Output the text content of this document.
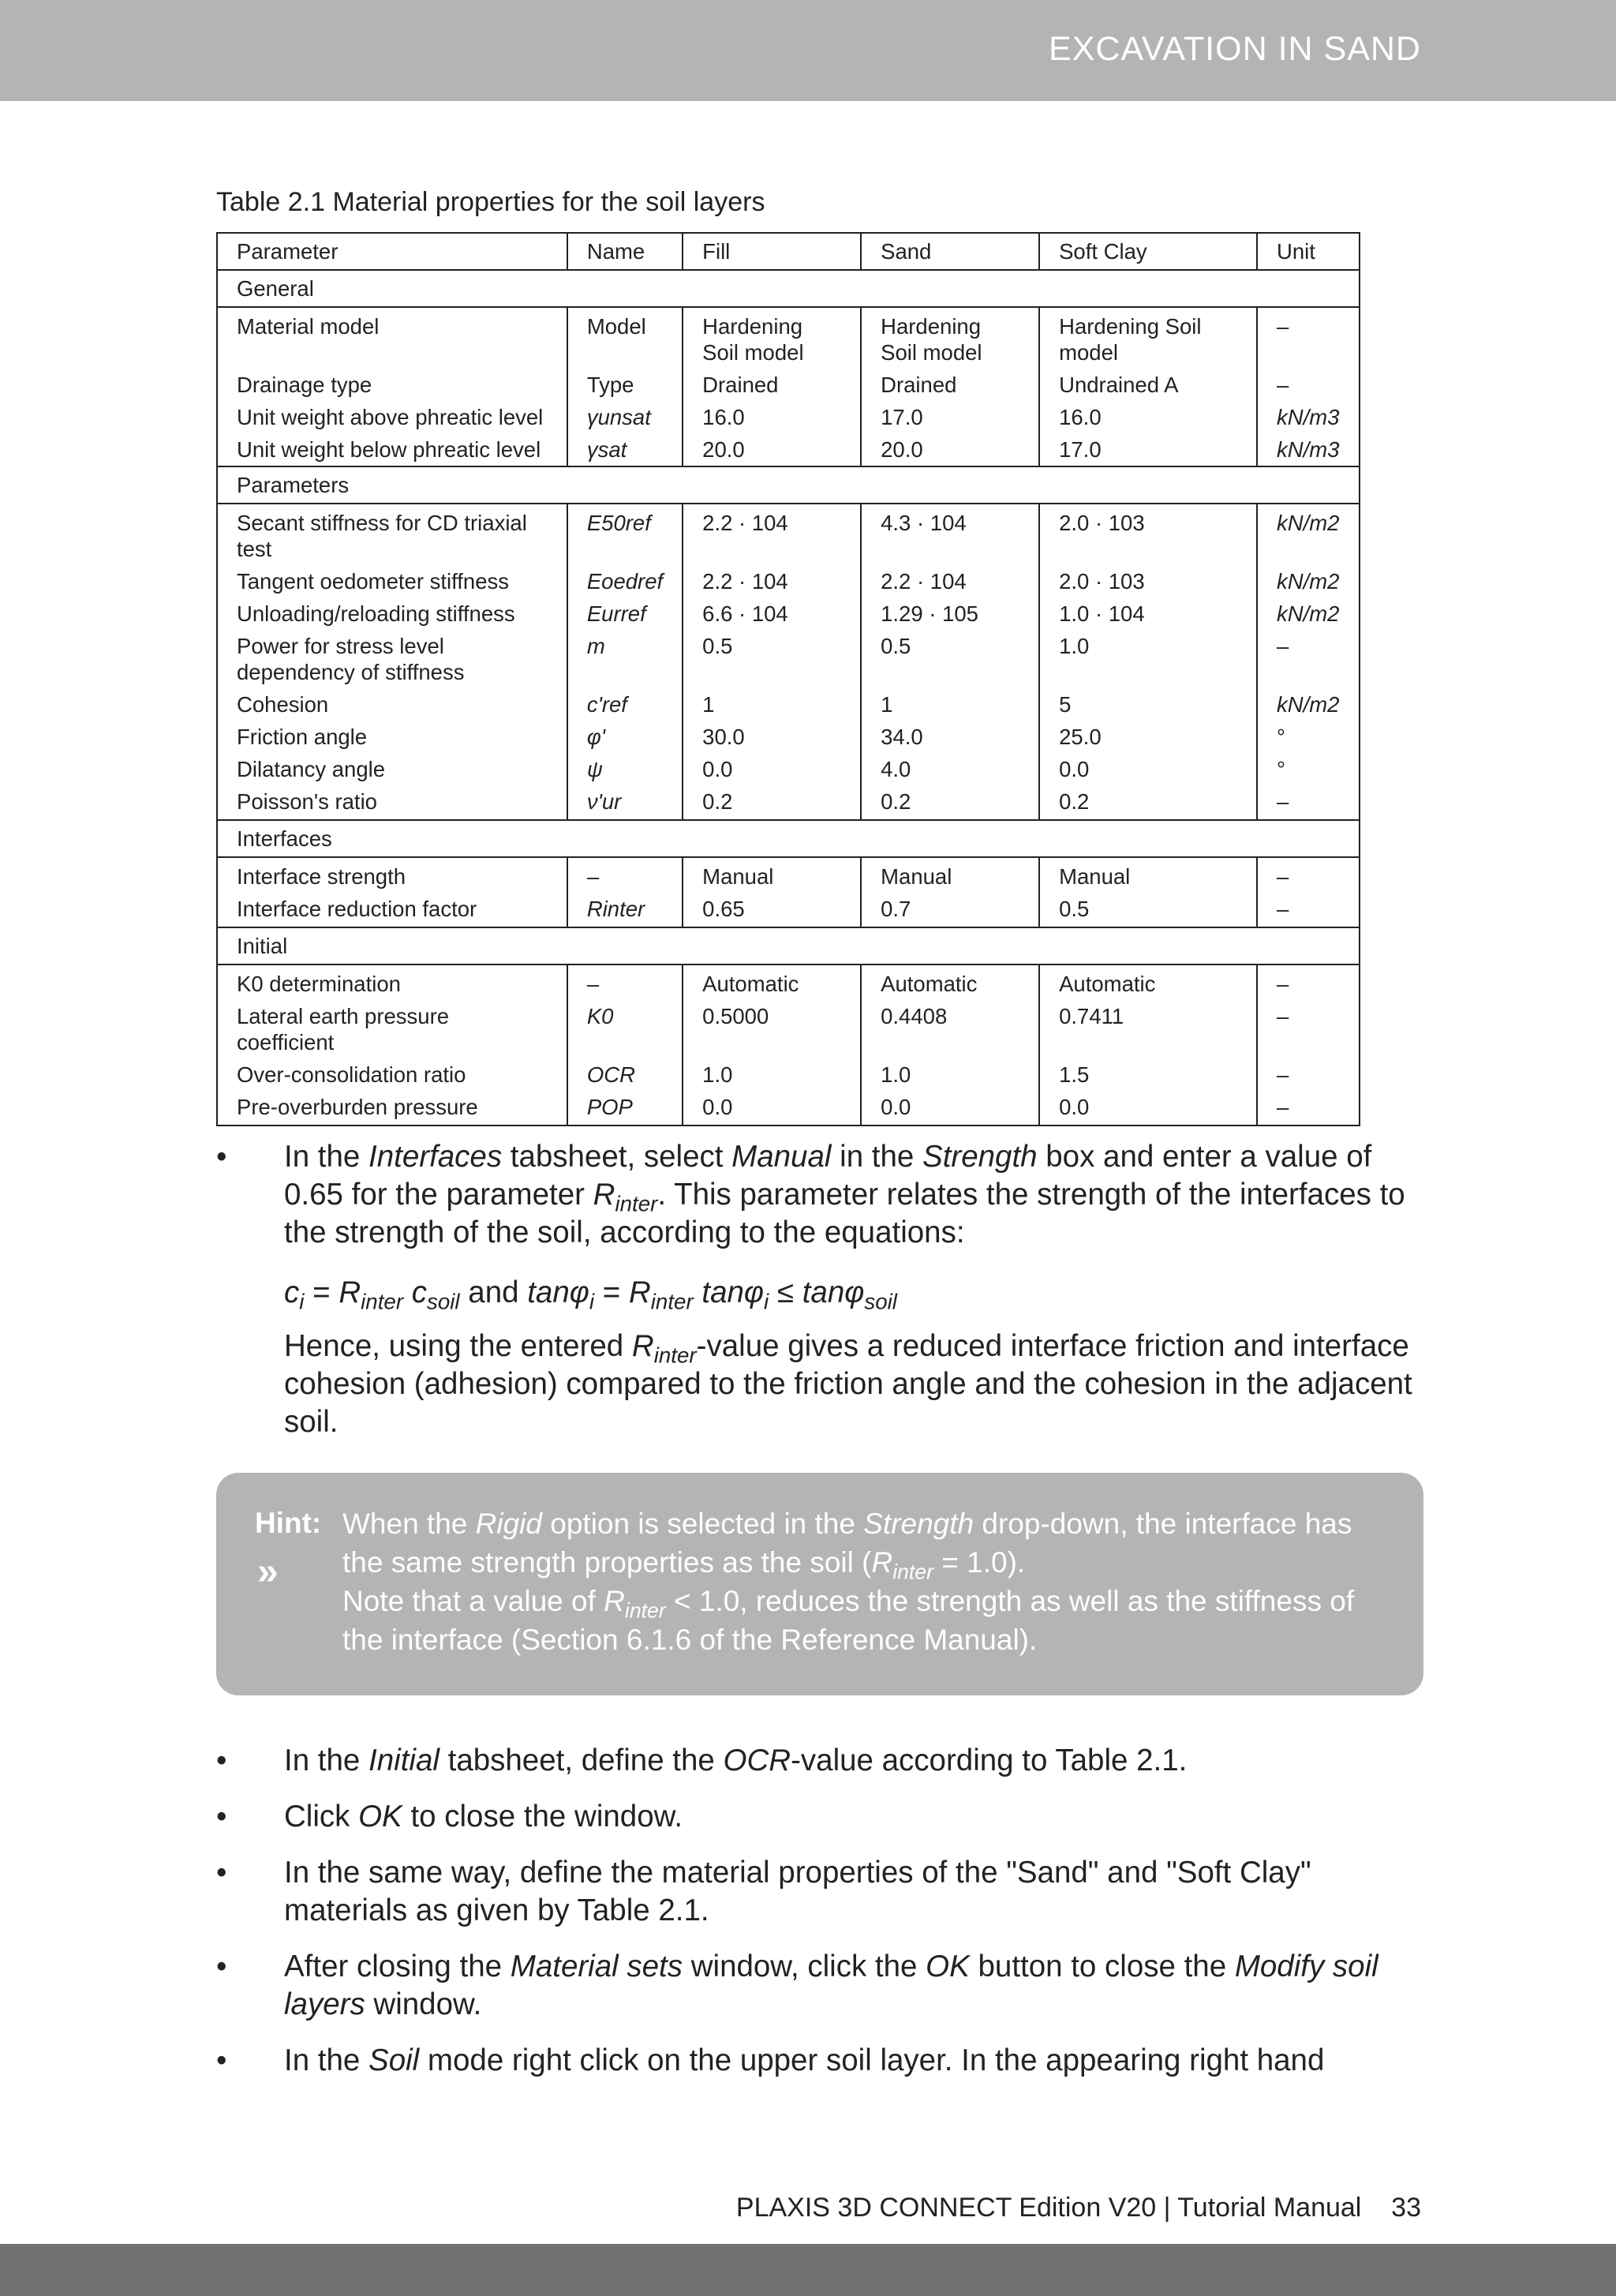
EXCAVATION IN SAND
Table 2.1 Material properties for the soil layers
Parameter	Name	Fill	Sand	Soft Clay	Unit
General					
Material model	Model	Hardening Soil model	Hardening Soil model	Hardening Soil model	–
Drainage type	Type	Drained	Drained	Undrained A	–
Unit weight above phreatic level	γunsat	16.0	17.0	16.0	kN/m3
Unit weight below phreatic level	γsat	20.0	20.0	17.0	kN/m3
Parameters					
Secant stiffness for CD triaxial test	E50ref	2.2 · 104	4.3 · 104	2.0 · 103	kN/m2
Tangent oedometer stiffness	Eoedref	2.2 · 104	2.2 · 104	2.0 · 103	kN/m2
Unloading/reloading stiffness	Eurref	6.6 · 104	1.29 · 105	1.0 · 104	kN/m2
Power for stress level dependency of stiffness	m	0.5	0.5	1.0	–
Cohesion	c'ref	1	1	5	kN/m2
Friction angle	φ'	30.0	34.0	25.0	°
Dilatancy angle	ψ	0.0	4.0	0.0	°
Poisson's ratio	ν'ur	0.2	0.2	0.2	–
Interfaces					
Interface strength	–	Manual	Manual	Manual	–
Interface reduction factor	Rinter	0.65	0.7	0.5	–
Initial					
K0 determination	–	Automatic	Automatic	Automatic	–
Lateral earth pressure coefficient	K0	0.5000	0.4408	0.7411	–
Over-consolidation ratio	OCR	1.0	1.0	1.5	–
Pre-overburden pressure	POP	0.0	0.0	0.0	–
• In the Interfaces tabsheet, select Manual in the Strength box and enter a value of 0.65 for the parameter $R_{inter}$. This parameter relates the strength of the interfaces to the strength of the soil, according to the equations:
$c_i = R_{inter}$ $c_{soil}$ and $\tan\varphi_i = R_{inter}$ tanφ$_i$ ≤ tanφ$_{soil}$
Hence, using the entered $R_{inter}$-value gives a reduced interface friction and interface cohesion (adhesion) compared to the friction angle and the cohesion in the adjacent soil.
Hint:
»
When the Rigid option is selected in the Strength drop-down, the interface has the same strength properties as the soil $(R_{inter} = 1.0)$.
Note that a value of $R_{inter} < 1.0$, reduces the strength as well as the stiffness of the interface (Section 6.1.6 of the Reference Manual).
• In the Initial tabsheet, define the OCR-value according to Table 2.1.
• Click OK to close the window.
• In the same way, define the material properties of the "Sand" and "Soft Clay" materials as given by Table 2.1.
• After closing the Material sets window, click the OK button to close the Modify soil layers window.
• In the Soil mode right click on the upper soil layer. In the appearing right hand
PLAXIS 3D CONNECT Edition V20 | Tutorial Manual 33
